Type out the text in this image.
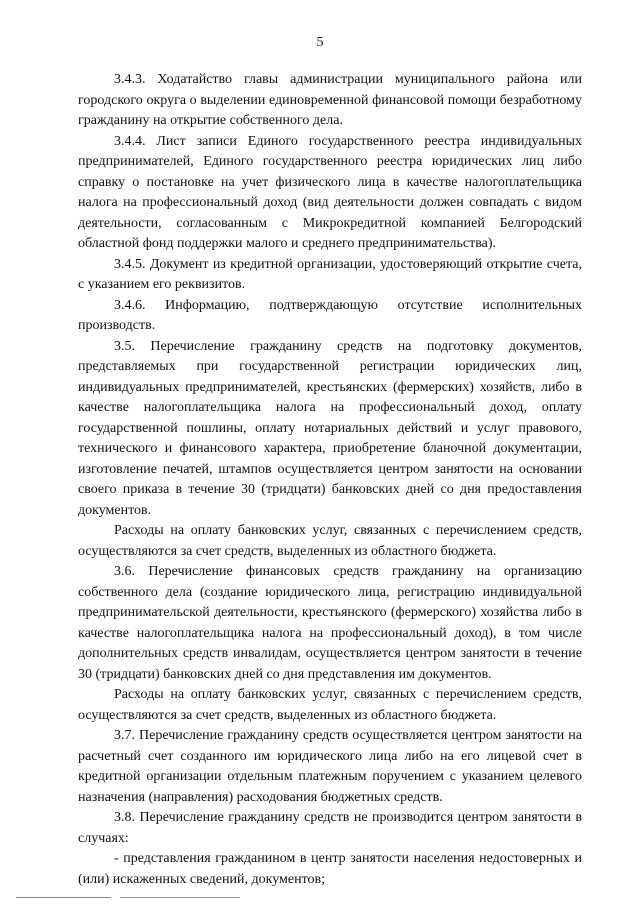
5

3.4.3. Ходатайство главы администрации муниципального района или городского округа о выделении единовременной финансовой помощи безработному гражданину на открытие собственного дела.

3.4.4. Лист записи Единого государственного реестра индивидуальных предпринимателей, Единого государственного реестра юридических лиц либо справку о постановке на учет физического лица в качестве налогоплательщика налога на профессиональный доход (вид деятельности должен совпадать с видом деятельности, согласованным с Микрокредитной компанией Белгородский областной фонд поддержки малого и среднего предпринимательства).

3.4.5. Документ из кредитной организации, удостоверяющий открытие счета, с указанием его реквизитов.

3.4.6. Информацию, подтверждающую отсутствие исполнительных производств.

3.5. Перечисление гражданину средств на подготовку документов, представляемых при государственной регистрации юридических лиц, индивидуальных предпринимателей, крестьянских (фермерских) хозяйств, либо в качестве налогоплательщика налога на профессиональный доход, оплату государственной пошлины, оплату нотариальных действий и услуг правового, технического и финансового характера, приобретение бланочной документации, изготовление печатей, штампов осуществляется центром занятости на основании своего приказа в течение 30 (тридцати) банковских дней со дня предоставления документов.

Расходы на оплату банковских услуг, связанных с перечислением средств, осуществляются за счет средств, выделенных из областного бюджета.

3.6. Перечисление финансовых средств гражданину на организацию собственного дела (создание юридического лица, регистрацию индивидуальной предпринимательской деятельности, крестьянского (фермерского) хозяйства либо в качестве налогоплательщика налога на профессиональный доход), в том числе дополнительных средств инвалидам, осуществляется центром занятости в течение 30 (тридцати) банковских дней со дня представления им документов.

Расходы на оплату банковских услуг, связанных с перечислением средств, осуществляются за счет средств, выделенных из областного бюджета.

3.7. Перечисление гражданину средств осуществляется центром занятости на расчетный счет созданного им юридического лица либо на его лицевой счет в кредитной организации отдельным платежным поручением с указанием целевого назначения (направления) расходования бюджетных средств.

3.8. Перечисление гражданину средств не производится центром занятости в случаях:

- представления гражданином в центр занятости населения недостоверных и (или) искаженных сведений, документов;
